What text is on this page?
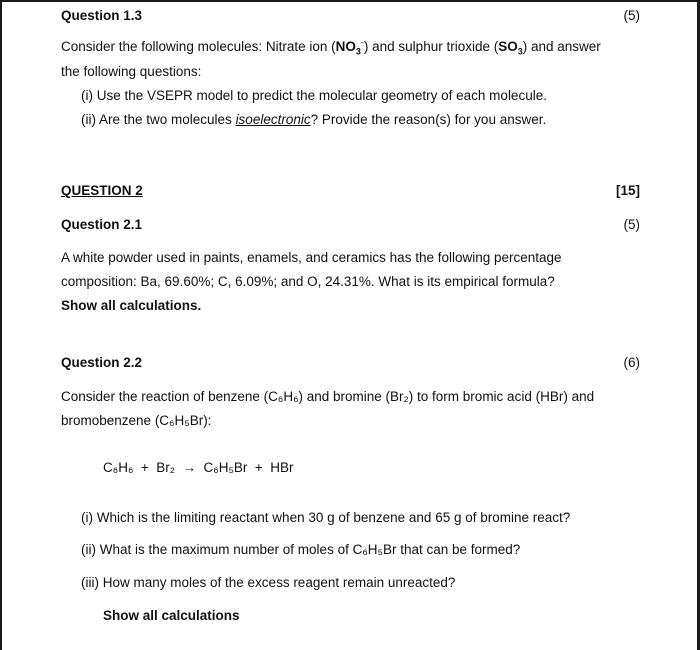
Question 1.3	(5)
Consider the following molecules: Nitrate ion $(NO_3^-)$ and sulphur trioxide $(SO_3)$ and answer
the following questions:
(i) Use the VSEPR model to predict the molecular geometry of each molecule.
(ii) Are the two molecules isoelectronic? Provide the reason(s) for you answer.
QUESTION 2	[15]
Question 2.1	(5)
A white powder used in paints, enamels, and ceramics has the following percentage
composition: Ba, 69.60%; C, 6.09%; and O, 24.31%. What is its empirical formula?
Show all calculations.
Question 2.2	(6)
Consider the reaction of benzene (C₆H₆) and bromine (Br₂) to form bromic acid (HBr) and
bromobenzene (C₆H₅Br):
C₆H₆  +  Br₂  →  C₆H₅Br  +  HBr
(i) Which is the limiting reactant when 30 g of benzene and 65 g of bromine react?
(ii) What is the maximum number of moles of C₆H₅Br that can be formed?
(iii) How many moles of the excess reagent remain unreacted?
Show all calculations
